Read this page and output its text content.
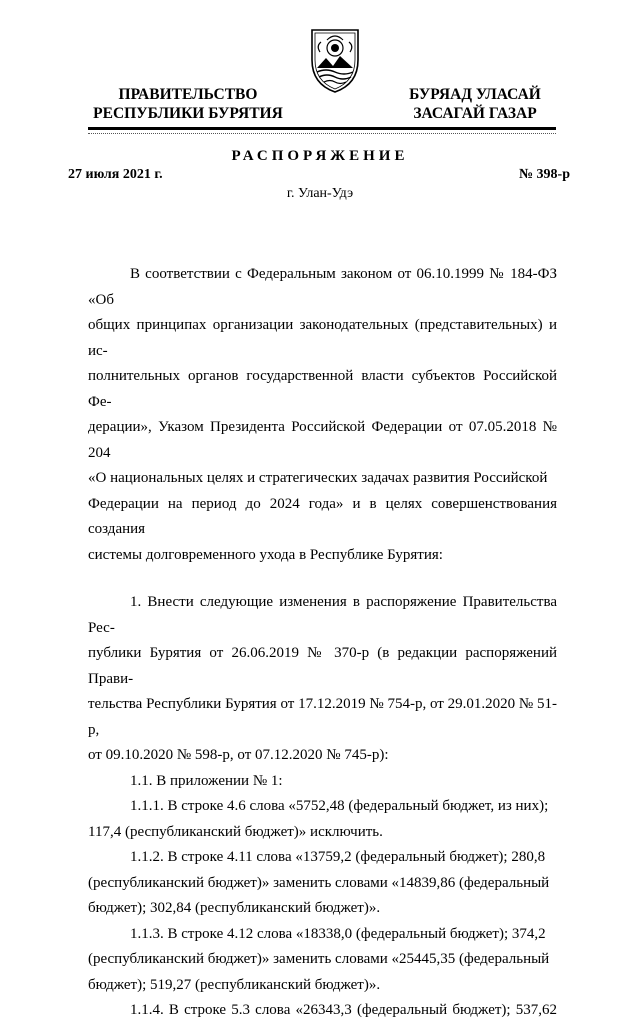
ПРАВИТЕЛЬСТВО
РЕСПУБЛИКИ БУРЯТИЯ
БУРЯАД УЛАСАЙ
ЗАСАГАЙ ГАЗАР
РАСПОРЯЖЕНИЕ
27 июля 2021 г.	№ 398-р
г. Улан-Удэ

В соответствии с Федеральным законом от 06.10.1999 № 184-ФЗ «Об
общих принципах организации законодательных (представительных) и ис-
полнительных органов государственной власти субъектов Российской Фе-
дерации», Указом Президента Российской Федерации от 07.05.2018 № 204
«О национальных целях и стратегических задачах развития Российской
Федерации на период до 2024 года» и в целях совершенствования создания
системы долговременного ухода в Республике Бурятия:

1. Внести следующие изменения в распоряжение Правительства Рес-
публики Бурятия от 26.06.2019 № 370-р (в редакции распоряжений Прави-
тельства Республики Бурятия от 17.12.2019 № 754-р, от 29.01.2020 № 51-р,
от 09.10.2020 № 598-р, от 07.12.2020 № 745-р):

1.1. В приложении № 1:

1.1.1. В строке 4.6 слова «5752,48 (федеральный бюджет, из них);
117,4 (республиканский бюджет)» исключить.

1.1.2. В строке 4.11 слова «13759,2 (федеральный бюджет); 280,8
(республиканский бюджет)» заменить словами «14839,86 (федеральный
бюджет); 302,84 (республиканский бюджет)».

1.1.3. В строке 4.12 слова «18338,0 (федеральный бюджет); 374,2
(республиканский бюджет)» заменить словами «25445,35 (федеральный
бюджет); 519,27 (республиканский бюджет)».

1.1.4. В строке 5.3 слова «26343,3 (федеральный бюджет); 537,62
